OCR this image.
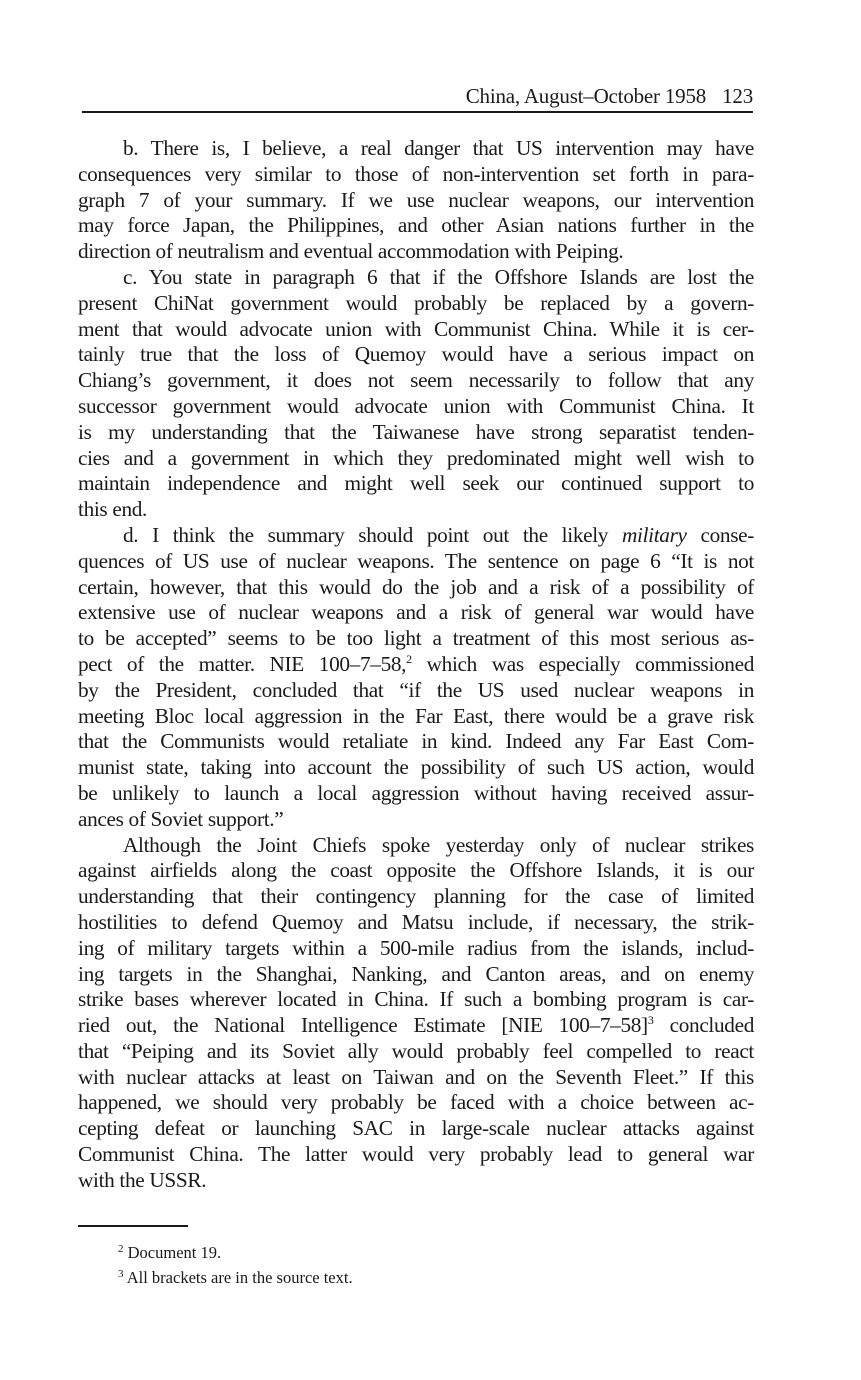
China, August–October 1958 123
b. There is, I believe, a real danger that US intervention may have
consequences very similar to those of non-intervention set forth in para-
graph 7 of your summary. If we use nuclear weapons, our intervention
may force Japan, the Philippines, and other Asian nations further in the
direction of neutralism and eventual accommodation with Peiping.
c. You state in paragraph 6 that if the Offshore Islands are lost the
present ChiNat government would probably be replaced by a govern-
ment that would advocate union with Communist China. While it is cer-
tainly true that the loss of Quemoy would have a serious impact on
Chiang’s government, it does not seem necessarily to follow that any
successor government would advocate union with Communist China. It
is my understanding that the Taiwanese have strong separatist tenden-
cies and a government in which they predominated might well wish to
maintain independence and might well seek our continued support to
this end.
d. I think the summary should point out the likely military conse-
quences of US use of nuclear weapons. The sentence on page 6 “It is not
certain, however, that this would do the job and a risk of a possibility of
extensive use of nuclear weapons and a risk of general war would have
to be accepted” seems to be too light a treatment of this most serious as-
pect of the matter. NIE 100–7–58,$^2$ which was especially commissioned
by the President, concluded that “if the US used nuclear weapons in
meeting Bloc local aggression in the Far East, there would be a grave risk
that the Communists would retaliate in kind. Indeed any Far East Com-
munist state, taking into account the possibility of such US action, would
be unlikely to launch a local aggression without having received assur-
ances of Soviet support.”
Although the Joint Chiefs spoke yesterday only of nuclear strikes
against airfields along the coast opposite the Offshore Islands, it is our
understanding that their contingency planning for the case of limited
hostilities to defend Quemoy and Matsu include, if necessary, the strik-
ing of military targets within a 500-mile radius from the islands, includ-
ing targets in the Shanghai, Nanking, and Canton areas, and on enemy
strike bases wherever located in China. If such a bombing program is car-
ried out, the National Intelligence Estimate [NIE 100–7–58]$^3$ concluded
that “Peiping and its Soviet ally would probably feel compelled to react
with nuclear attacks at least on Taiwan and on the Seventh Fleet.” If this
happened, we should very probably be faced with a choice between ac-
cepting defeat or launching SAC in large-scale nuclear attacks against
Communist China. The latter would very probably lead to general war
with the USSR.
$^2$ Document 19.
$^3$ All brackets are in the source text.
